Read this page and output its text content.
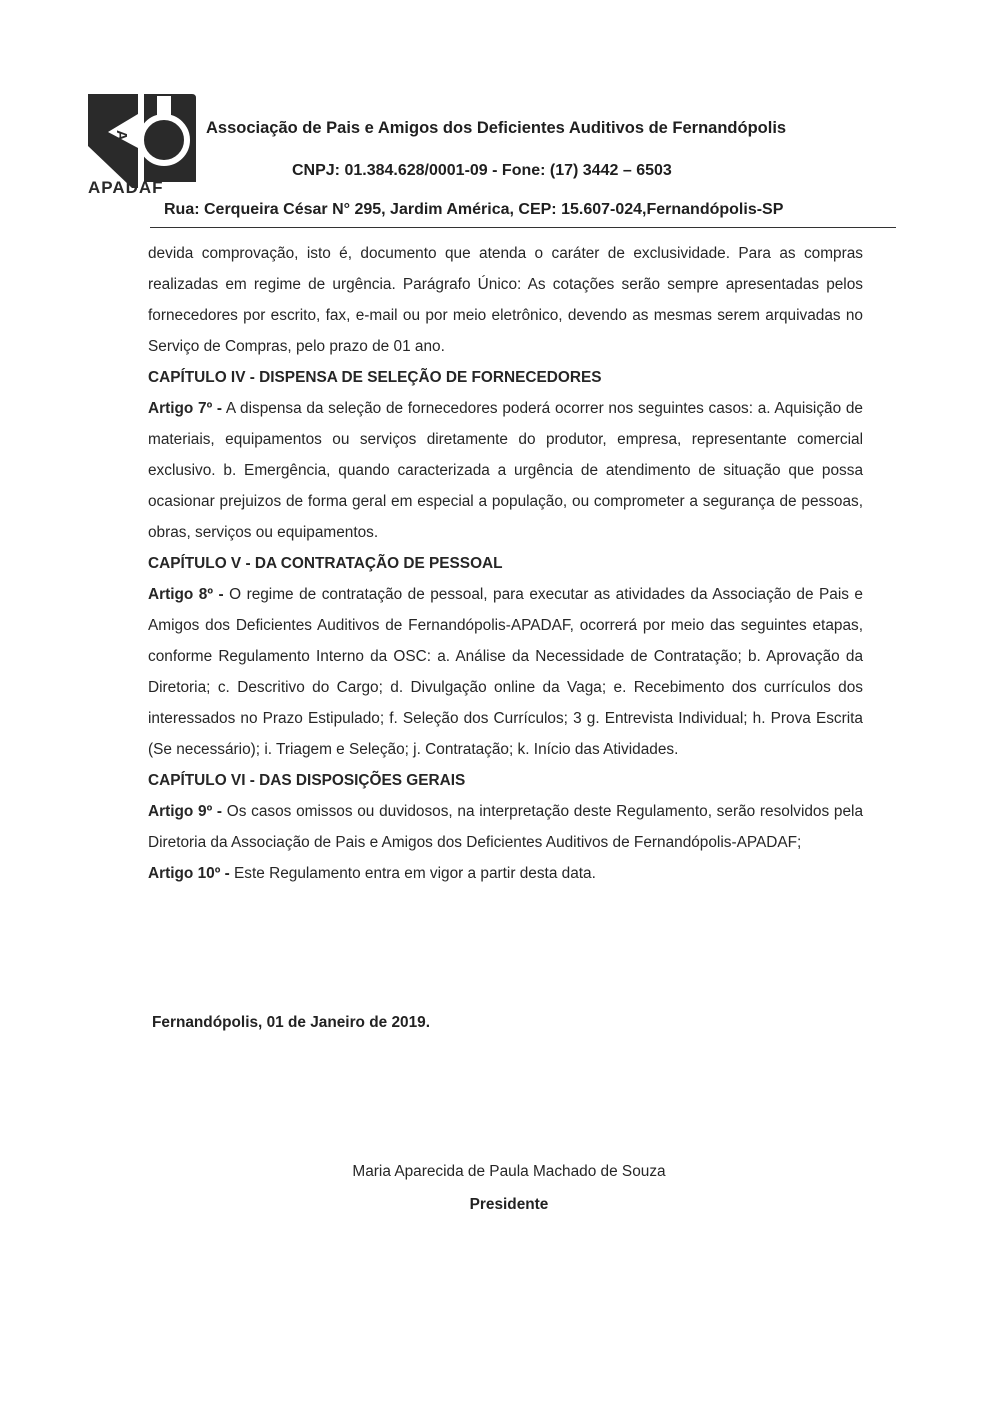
A
APADAF
Associação de Pais e Amigos dos Deficientes Auditivos de Fernandópolis
CNPJ: 01.384.628/0001-09 - Fone: (17) 3442 – 6503
Rua: Cerqueira César N° 295, Jardim América, CEP: 15.607-024,Fernandópolis-SP

devida comprovação, isto é, documento que atenda o caráter de exclusividade. Para as compras realizadas em regime de urgência. Parágrafo Único: As cotações serão sempre apresentadas pelos fornecedores por escrito, fax, e-mail ou por meio eletrônico, devendo as mesmas serem arquivadas no Serviço de Compras, pelo prazo de 01 ano.

CAPÍTULO IV - DISPENSA DE SELEÇÃO DE FORNECEDORES

Artigo 7º - A dispensa da seleção de fornecedores poderá ocorrer nos seguintes casos: a. Aquisição de materiais, equipamentos ou serviços diretamente do produtor, empresa, representante comercial exclusivo. b. Emergência, quando caracterizada a urgência de atendimento de situação que possa ocasionar prejuizos de forma geral em especial a população, ou comprometer a segurança de pessoas, obras, serviços ou equipamentos.

CAPÍTULO V - DA CONTRATAÇÃO DE PESSOAL

Artigo 8º - O regime de contratação de pessoal, para executar as atividades da Associação de Pais e Amigos dos Deficientes Auditivos de Fernandópolis-APADAF, ocorrerá por meio das seguintes etapas, conforme Regulamento Interno da OSC: a. Análise da Necessidade de Contratação; b. Aprovação da Diretoria; c. Descritivo do Cargo; d. Divulgação online da Vaga; e. Recebimento dos currículos dos interessados no Prazo Estipulado; f. Seleção dos Currículos; 3 g. Entrevista Individual; h. Prova Escrita (Se necessário); i. Triagem e Seleção; j. Contratação; k. Início das Atividades.

CAPÍTULO VI - DAS DISPOSIÇÕES GERAIS

Artigo 9º - Os casos omissos ou duvidosos, na interpretação deste Regulamento, serão resolvidos pela Diretoria da Associação de Pais e Amigos dos Deficientes Auditivos de Fernandópolis-APADAF;

Artigo 10º - Este Regulamento entra em vigor a partir desta data.

Fernandópolis, 01 de Janeiro de 2019.
Maria Aparecida de Paula Machado de Souza
Presidente
